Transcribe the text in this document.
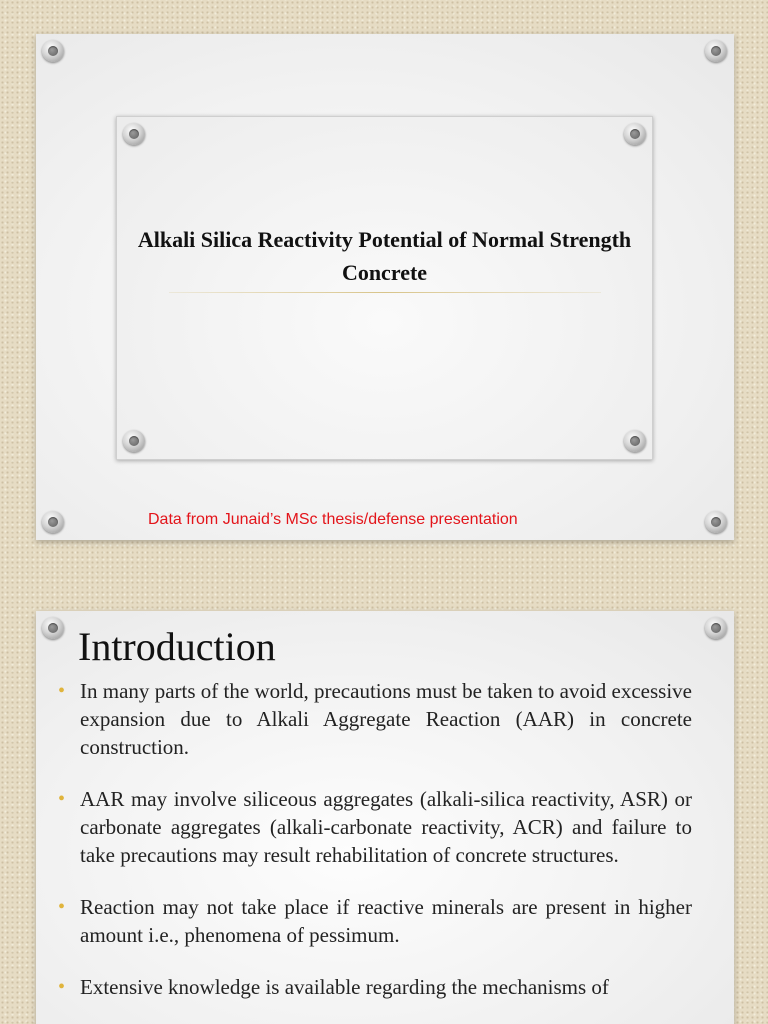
Alkali Silica Reactivity Potential of Normal Strength Concrete
Data from Junaid’s MSc thesis/defense presentation
Introduction
• In many parts of the world, precautions must be taken to avoid excessive expansion due to Alkali Aggregate Reaction (AAR) in concrete construction.
• AAR may involve siliceous aggregates (alkali-silica reactivity, ASR) or carbonate aggregates (alkali-carbonate reactivity, ACR) and failure to take precautions may result rehabilitation of concrete structures.
• Reaction may not take place if reactive minerals are present in higher amount i.e., phenomena of pessimum.
• Extensive knowledge is available regarding the mechanisms of
